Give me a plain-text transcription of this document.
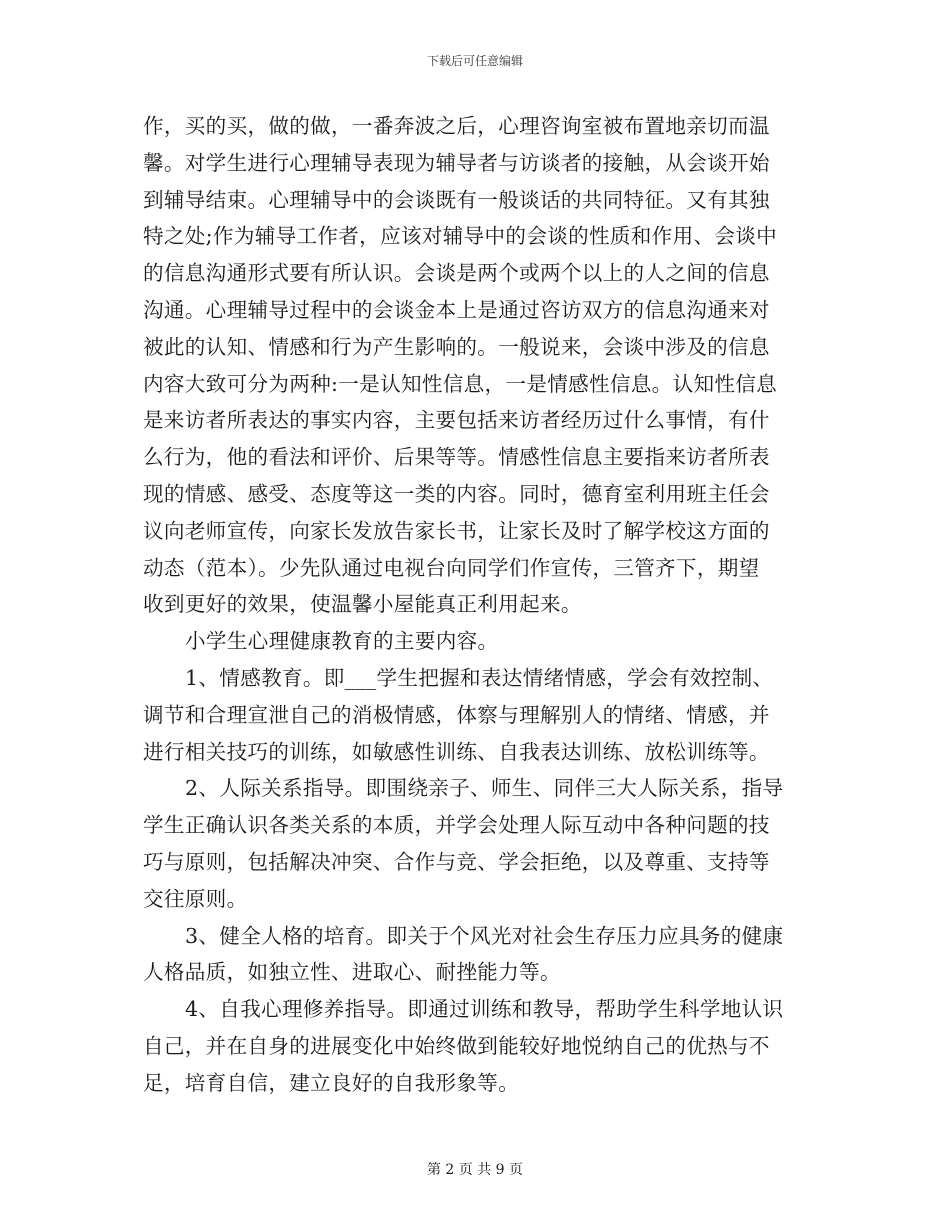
下载后可任意编辑
作，买的买，做的做，一番奔波之后，心理咨询室被布置地亲切而温
馨。对学生进行心理辅导表现为辅导者与访谈者的接触，从会谈开始
到辅导结束。心理辅导中的会谈既有一般谈话的共同特征。又有其独
特之处;作为辅导工作者，应该对辅导中的会谈的性质和作用、会谈中
的信息沟通形式要有所认识。会谈是两个或两个以上的人之间的信息
沟通。心理辅导过程中的会谈金本上是通过咨访双方的信息沟通来对
被此的认知、情感和行为产生影响的。一般说来，会谈中涉及的信息
内容大致可分为两种:一是认知性信息，一是情感性信息。认知性信息
是来访者所表达的事实内容，主要包括来访者经历过什么事情，有什
么行为，他的看法和评价、后果等等。情感性信息主要指来访者所表
现的情感、感受、态度等这一类的内容。同时，德育室利用班主任会
议向老师宣传，向家长发放告家长书，让家长及时了解学校这方面的
动态（范本）。少先队通过电视台向同学们作宣传，三管齐下，期望
收到更好的效果，使温馨小屋能真正利用起来。
小学生心理健康教育的主要内容。
1、情感教育。即___学生把握和表达情绪情感，学会有效控制、
调节和合理宣泄自己的消极情感，体察与理解别人的情绪、情感，并
进行相关技巧的训练，如敏感性训练、自我表达训练、放松训练等。
2、人际关系指导。即围绕亲子、师生、同伴三大人际关系，指导
学生正确认识各类关系的本质，并学会处理人际互动中各种问题的技
巧与原则，包括解决冲突、合作与竞、学会拒绝，以及尊重、支持等
交往原则。
3、健全人格的培育。即关于个风光对社会生存压力应具务的健康
人格品质，如独立性、进取心、耐挫能力等。
4、自我心理修养指导。即通过训练和教导，帮助学生科学地认识
自己，并在自身的进展变化中始终做到能较好地悦纳自己的优热与不
足，培育自信，建立良好的自我形象等。
第 2 页 共 9 页
